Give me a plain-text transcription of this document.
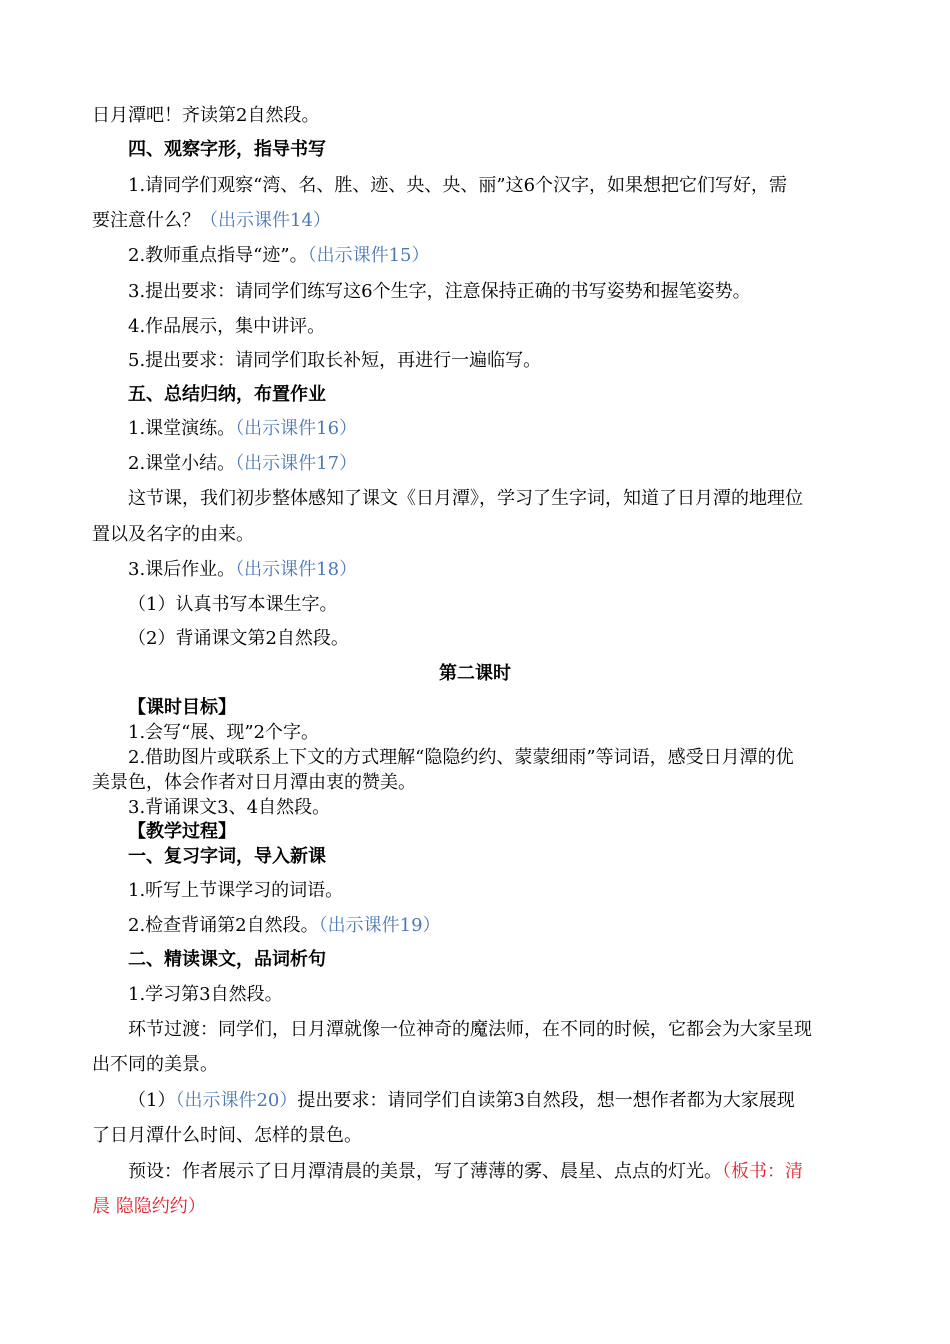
日月潭吧！齐读第2自然段。
四、观察字形，指导书写
1.请同学们观察“湾、名、胜、迹、央、央、丽”这6个汉字，如果想把它们写好，需
要注意什么？（出示课件14）
2.教师重点指导“迹”。（出示课件15）
3.提出要求：请同学们练写这6个生字，注意保持正确的书写姿势和握笔姿势。
4.作品展示，集中讲评。
5.提出要求：请同学们取长补短，再进行一遍临写。
五、总结归纳，布置作业
1.课堂演练。（出示课件16）
2.课堂小结。（出示课件17）
这节课，我们初步整体感知了课文《日月潭》，学习了生字词，知道了日月潭的地理位
置以及名字的由来。
3.课后作业。（出示课件18）
（1）认真书写本课生字。
（2）背诵课文第2自然段。
第二课时
【课时目标】
1.会写“展、现”2个字。
2.借助图片或联系上下文的方式理解“隐隐约约、蒙蒙细雨”等词语，感受日月潭的优
美景色，体会作者对日月潭由衷的赞美。
3.背诵课文3、4自然段。
【教学过程】
一、复习字词，导入新课
1.听写上节课学习的词语。
2.检查背诵第2自然段。（出示课件19）
二、精读课文，品词析句
1.学习第3自然段。
环节过渡：同学们，日月潭就像一位神奇的魔法师，在不同的时候，它都会为大家呈现
出不同的美景。
（1）（出示课件20）提出要求：请同学们自读第3自然段，想一想作者都为大家展现
了日月潭什么时间、怎样的景色。
预设：作者展示了日月潭清晨的美景，写了薄薄的雾、晨星、点点的灯光。（板书：清
晨 隐隐约约）
